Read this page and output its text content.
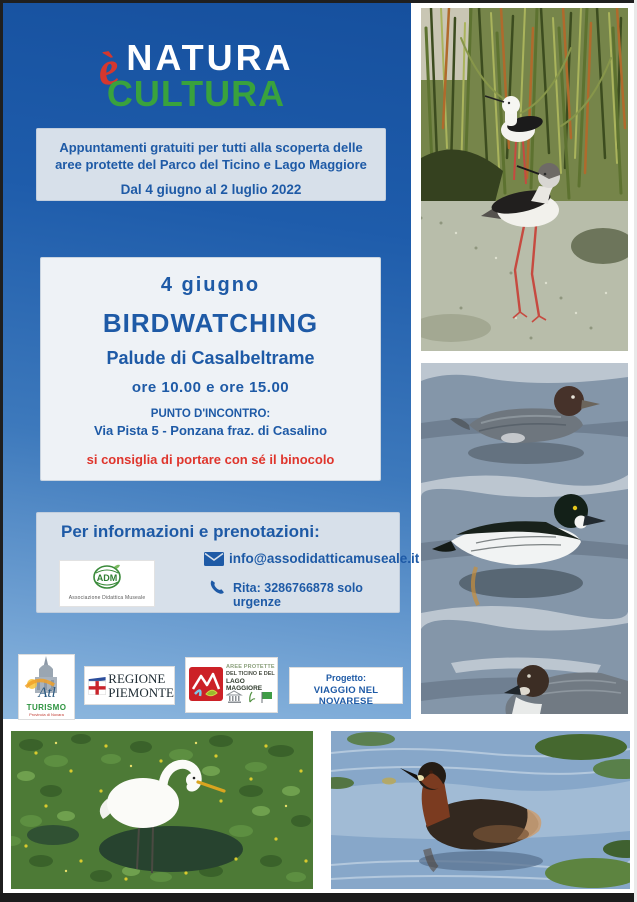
è NATURA
CULTURA
Appuntamenti gratuiti per tutti alla scoperta delle
aree protette del Parco del Ticino e Lago Maggiore
Dal 4 giugno al 2 luglio 2022
4 giugno
BIRDWATCHING
Palude di Casalbeltrame
ore 10.00 e ore 15.00
PUNTO D'INCONTRO:
Via Pista 5 - Ponzana fraz. di Casalino
si consiglia di portare con sé il binocolo
Per informazioni e prenotazioni:
ADM
Associazione Didattica Museale
info@assodidatticamuseale.it
Rita: 3286766878 solo urgenze
Atl
TURISMO
Provincia di Novara
REGIONE
PIEMONTE
AREE PROTETTE
DEL TICINO E DEL
LAGO MAGGIORE
Progetto:
VIAGGIO NEL NOVARESE
